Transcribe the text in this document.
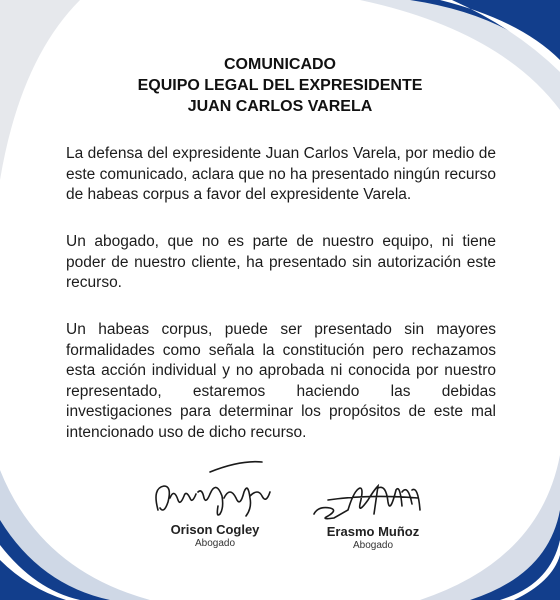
COMUNICADO
EQUIPO LEGAL DEL EXPRESIDENTE
JUAN CARLOS VARELA

La defensa del expresidente Juan Carlos Varela, por medio de este comunicado, aclara que no ha presentado ningún recurso de habeas corpus a favor del expresidente Varela.

Un abogado, que no es parte de nuestro equipo, ni tiene poder de nuestro cliente, ha presentado sin autorización este recurso.

Un habeas corpus, puede ser presentado sin mayores formalidades como señala la constitución pero rechazamos esta acción individual y no aprobada ni conocida por nuestro representado, estaremos haciendo las debidas investigaciones para determinar los propósitos de este mal intencionado uso de dicho recurso.

Orison Cogley
Abogado
Erasmo Muñoz
Abogado
